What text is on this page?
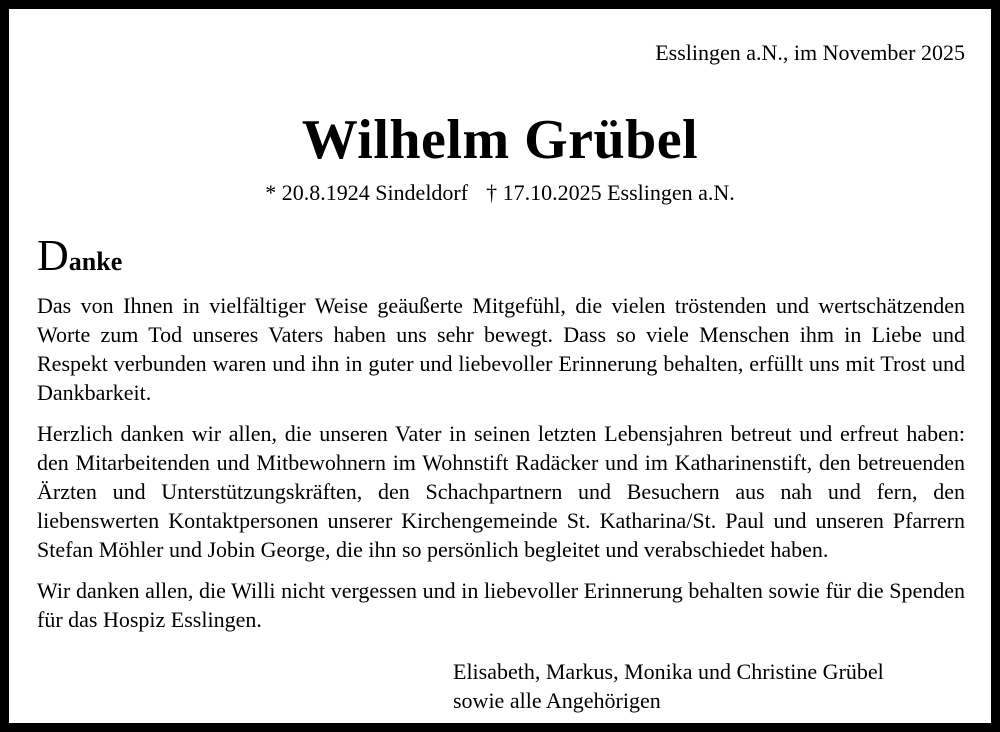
Esslingen a.N., im November 2025
Wilhelm Grübel
* 20.8.1924 Sindeldorf † 17.10.2025 Esslingen a.N.
Danke

Das von Ihnen in vielfältiger Weise geäußerte Mitgefühl, die vielen tröstenden und wertschätzenden Worte zum Tod unseres Vaters haben uns sehr bewegt. Dass so viele Menschen ihm in Liebe und Respekt verbunden waren und ihn in guter und liebevoller Erinnerung behalten, erfüllt uns mit Trost und Dankbarkeit.

Herzlich danken wir allen, die unseren Vater in seinen letzten Lebensjahren betreut und erfreut haben: den Mitarbeitenden und Mitbewohnern im Wohnstift Radäcker und im Katharinenstift, den betreuenden Ärzten und Unterstützungskräften, den Schachpartnern und Besuchern aus nah und fern, den liebenswerten Kontaktpersonen unserer Kirchengemeinde St. Katharina/St. Paul und unseren Pfarrern Stefan Möhler und Jobin George, die ihn so persönlich begleitet und verabschiedet haben.

Wir danken allen, die Willi nicht vergessen und in liebevoller Erinnerung behalten sowie für die Spenden für das Hospiz Esslingen.

Elisabeth, Markus, Monika und Christine Grübel
sowie alle Angehörigen
